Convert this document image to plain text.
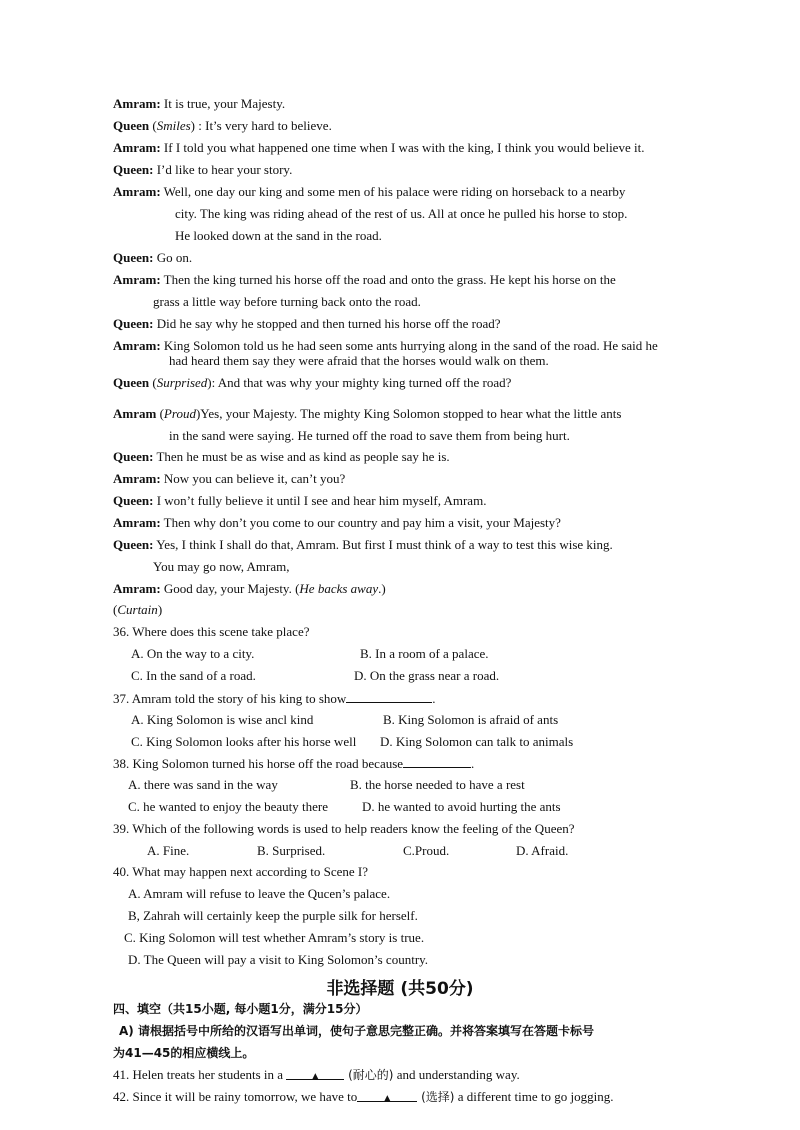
Amram: It is true, your Majesty.
Queen (Smiles) : It’s very hard to believe.
Amram: If I told you what happened one time when I was with the king, I think you would believe it.
Queen: I’d like to hear your story.
Amram: Well, one day our king and some men of his palace were riding on horseback to a nearby
city. The king was riding ahead of the rest of us. All at once he pulled his horse to stop.
He looked down at the sand in the road.
Queen: Go on.
Amram: Then the king turned his horse off the road and onto the grass. He kept his horse on the
grass a little way before turning back onto the road.
Queen: Did he say why he stopped and then turned his horse off the road?
Amram: King Solomon told us he had seen some ants hurrying along in the sand of the road. He said he
had heard them say they were afraid that the horses would walk on them.
Queen (Surprised): And that was why your mighty king turned off the road?
Amram (Proud)Yes, your Majesty. The mighty King Solomon stopped to hear what the little ants
in the sand were saying. He turned off the road to save them from being hurt.
Queen: Then he must be as wise and as kind as people say he is.
Amram: Now you can believe it, can’t you?
Queen: I won’t fully believe it until I see and hear him myself, Amram.
Amram: Then why don’t you come to our country and pay him a visit, your Majesty?
Queen: Yes, I think I shall do that, Amram. But first I must think of a way to test this wise king.
You may go now, Amram,
Amram: Good day, your Majesty. (He backs away.)
(Curtain)
36. Where does this scene take place?
A. On the way to a city.	B. In a room of a palace.
C. In the sand of a road.	D. On the grass near a road.
37. Amram told the story of his king to show	.
A. King Solomon is wise ancl kind	B. King Solomon is afraid of ants
C. King Solomon looks after his horse well D. King Solomon can talk to animals
38. King Solomon turned his horse off the road because	.
A. there was sand in the way	B. the horse needed to have a rest
C. he wanted to enjoy the beauty there	D. he wanted to avoid hurting the ants
39. Which of the following words is used to help readers know the feeling of the Queen?
A. Fine.	B. Surprised.	C.Proud.	D. Afraid.
40. What may happen next according to Scene I?
A. Amram will refuse to leave the Qucen’s palace.
B, Zahrah will certainly keep the purple silk for herself.
C. King Solomon will test whether Amram’s story is true.
D. The Queen will pay a visit to King Solomon’s country.
非选择题 (共50分)
四、填空（共15小题, 每小题1分，满分15分）
A) 请根据括号中所给的汉语写出单词，使句子意思完整正确。并将答案填写在答题卡标号
为41—45的相应横线上。
41. Helen treats her students in a	▲ (耐心的) and understanding way.
42. Since it will be rainy tomorrow, we have to	▲ (选择) a different time to go jogging.
